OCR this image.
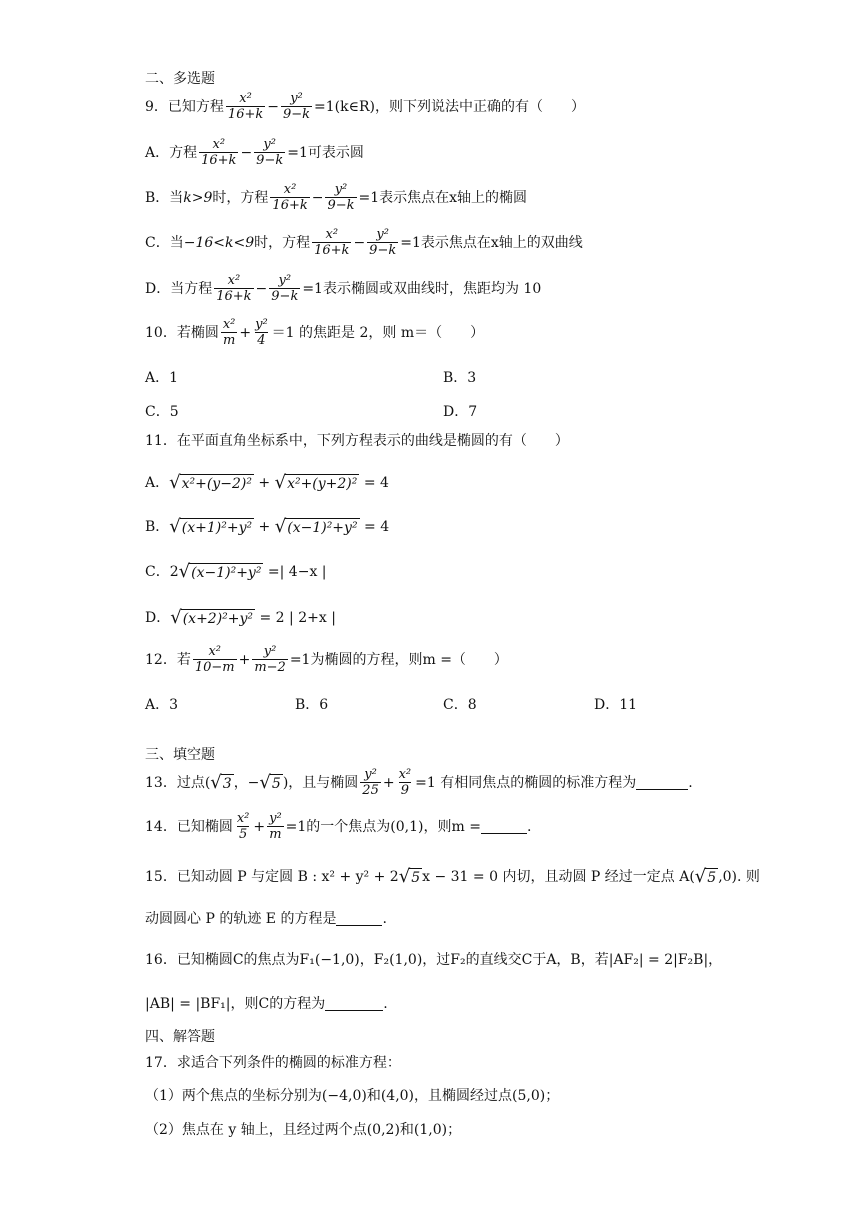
二、多选题
9．已知方程 $\frac{\text{x²}}{16+k} - \frac{\text{y²}}{9-k}$ =1(k∈R) ，则下列说法中正确的有（　　）
A．方程 $\frac{\text{x²}}{16+k} - \frac{\text{y²}}{9-k} =1$可表示圆
B．当 k>9 时，方程 $\frac{\text{x²}}{16+k} - \frac{\text{y²}}{9-k} =1$表示焦点在x轴上的椭圆
C．当 −16<k<9 时，方程 $\frac{\text{x²}}{16+k} - \frac{\text{y²}}{9-k} =1$表示焦点在x轴上的双曲线
D．当方程 $\frac{\text{x²}}{16+k} - \frac{\text{y²}}{9-k} =1$表示椭圆或双曲线时，焦距均为 10
10．若椭圆 $\frac{\text{x²}}{m} + \frac{\text{y²}}{4} =1$ 的焦距是 2，则 m＝（　　）
A．1	B．3
C．5	D．7
11．在平面直角坐标系中，下列方程表示的曲线是椭圆的有（　　）
A． √ x²+(y−2)² + √ x²+(y+2)²
= 4
B． √ (x+1)²+y² + √ (x−1)²+y²
= 4
C． 2 √ (x−1)²+y²
=| 4−x |
D． √ (x+2)²+y²
= 2 | 2+x |
12．若 $\frac{\text{x²}}{10-m} + \frac{\text{y²}}{m-2} =1$为椭圆的方程，则m =（　　）
A．3	B．6	C．8	D．11
三、填空题
13．过点( √ 3 ，− √ 5 )，且与椭圆 $\frac{\text{y²}}{25} + \frac{\text{x²}}{9} =1$ 有相同焦点的椭圆的标准方程为
	.
14．已知椭圆 $\frac{\text{x²}}{5} + \frac{\text{y²}}{m} =1$的一个焦点为(0,1)，则m =
	.
15．已知动圆 P 与定圆 B : x² + y² + 2 √ 5 x − 31 = 0 内切，且动圆 P 经过一定点 A( √ 5 ,0). 则
动圆圆心 P 的轨迹 E 的方程是
	.
16．已知椭圆C的焦点为F₁(−1,0)，F₂(1,0)，过F₂的直线交C于A，B，若|AF₂| = 2|F₂B|，
|AB| = |BF₁|，则C的方程为
	.
四、解答题
17．求适合下列条件的椭圆的标准方程：
（1）两个焦点的坐标分别为(−4,0)和(4,0)，且椭圆经过点(5,0)；
（2）焦点在 y 轴上，且经过两个点(0,2)和(1,0)；
